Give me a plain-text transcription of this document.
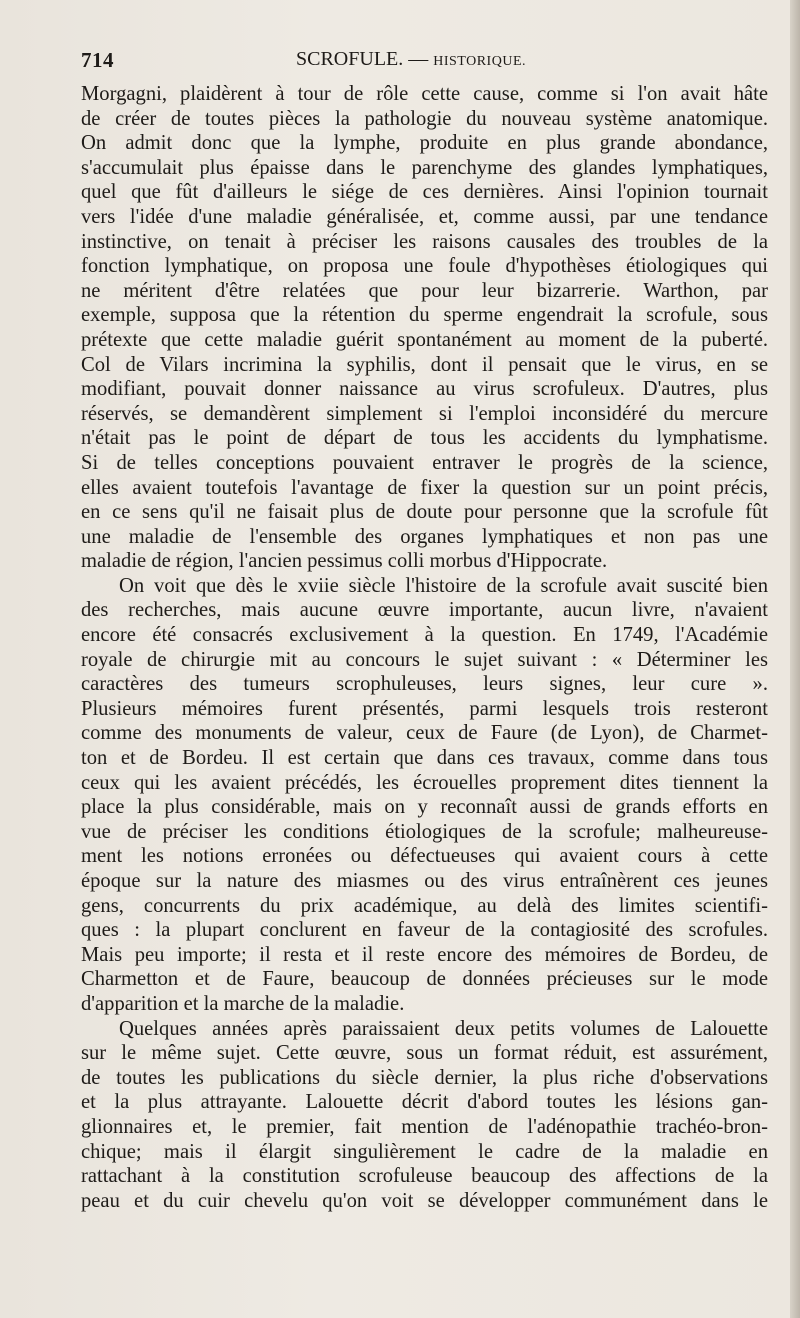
714	SCROFULE. — HISTORIQUE.
Morgagni, plaidèrent à tour de rôle cette cause, comme si l'on avait hâte
de créer de toutes pièces la pathologie du nouveau système anatomique.
On admit donc que la lymphe, produite en plus grande abondance,
s'accumulait plus épaisse dans le parenchyme des glandes lymphatiques,
quel que fût d'ailleurs le siége de ces dernières. Ainsi l'opinion tournait
vers l'idée d'une maladie généralisée, et, comme aussi, par une tendance
instinctive, on tenait à préciser les raisons causales des troubles de la
fonction lymphatique, on proposa une foule d'hypothèses étiologiques qui
ne méritent d'être relatées que pour leur bizarrerie. Warthon, par
exemple, supposa que la rétention du sperme engendrait la scrofule, sous
prétexte que cette maladie guérit spontanément au moment de la puberté.
Col de Vilars incrimina la syphilis, dont il pensait que le virus, en se
modifiant, pouvait donner naissance au virus scrofuleux. D'autres, plus
réservés, se demandèrent simplement si l'emploi inconsidéré du mercure
n'était pas le point de départ de tous les accidents du lymphatisme.
Si de telles conceptions pouvaient entraver le progrès de la science,
elles avaient toutefois l'avantage de fixer la question sur un point précis,
en ce sens qu'il ne faisait plus de doute pour personne que la scrofule fût
une maladie de l'ensemble des organes lymphatiques et non pas une
maladie de région, l'ancien pessimus colli morbus d'Hippocrate.
On voit que dès le xviie siècle l'histoire de la scrofule avait suscité bien
des recherches, mais aucune œuvre importante, aucun livre, n'avaient
encore été consacrés exclusivement à la question. En 1749, l'Académie
royale de chirurgie mit au concours le sujet suivant : « Déterminer les
caractères des tumeurs scrophuleuses, leurs signes, leur cure ».
Plusieurs mémoires furent présentés, parmi lesquels trois resteront
comme des monuments de valeur, ceux de Faure (de Lyon), de Charmet-
ton et de Bordeu. Il est certain que dans ces travaux, comme dans tous
ceux qui les avaient précédés, les écrouelles proprement dites tiennent la
place la plus considérable, mais on y reconnaît aussi de grands efforts en
vue de préciser les conditions étiologiques de la scrofule; malheureuse-
ment les notions erronées ou défectueuses qui avaient cours à cette
époque sur la nature des miasmes ou des virus entraînèrent ces jeunes
gens, concurrents du prix académique, au delà des limites scientifi-
ques : la plupart conclurent en faveur de la contagiosité des scrofules.
Mais peu importe; il resta et il reste encore des mémoires de Bordeu, de
Charmetton et de Faure, beaucoup de données précieuses sur le mode
d'apparition et la marche de la maladie.
Quelques années après paraissaient deux petits volumes de Lalouette
sur le même sujet. Cette œuvre, sous un format réduit, est assurément,
de toutes les publications du siècle dernier, la plus riche d'observations
et la plus attrayante. Lalouette décrit d'abord toutes les lésions gan-
glionnaires et, le premier, fait mention de l'adénopathie trachéo-bron-
chique; mais il élargit singulièrement le cadre de la maladie en
rattachant à la constitution scrofuleuse beaucoup des affections de la
peau et du cuir chevelu qu'on voit se développer communément dans le
